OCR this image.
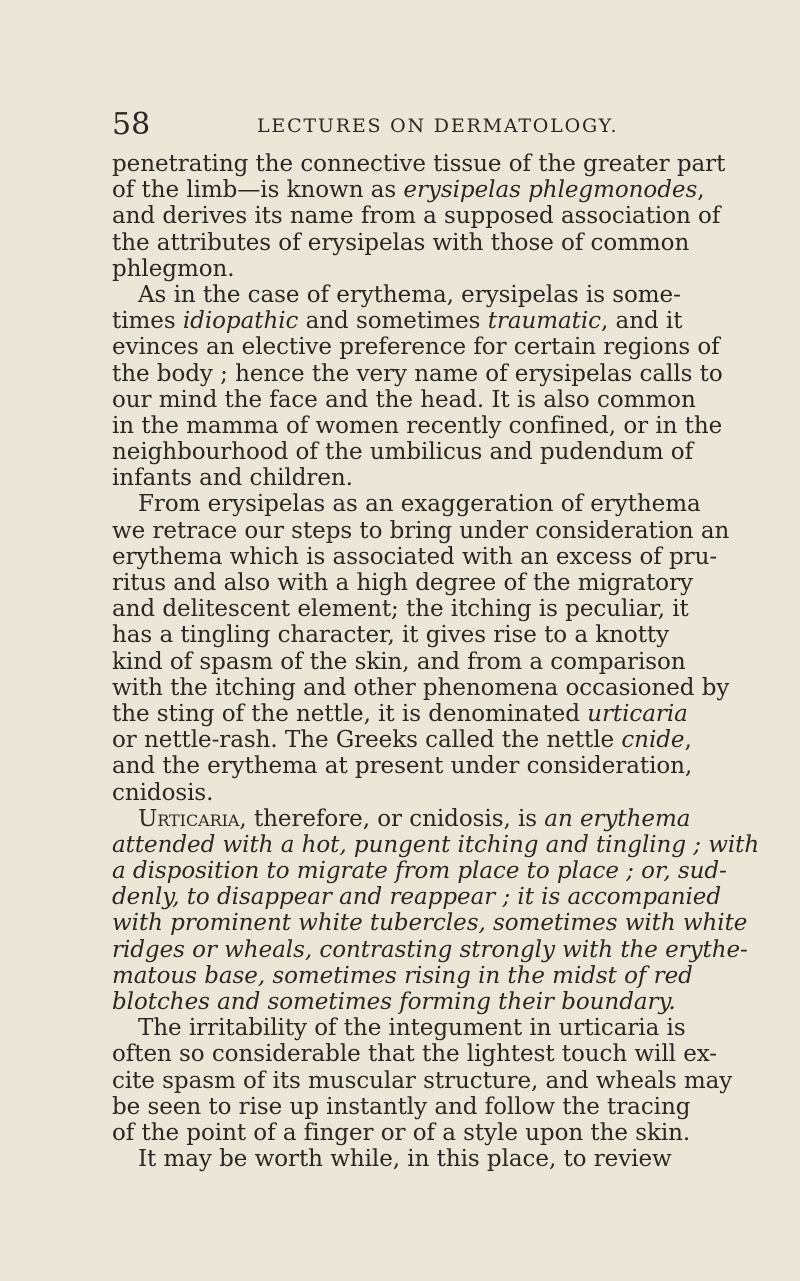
58	LECTURES ON DERMATOLOGY.
penetrating the connective tissue of the greater part
of the limb—is known as erysipelas phlegmonodes,
and derives its name from a supposed association of
the attributes of erysipelas with those of common
phlegmon.
As in the case of erythema, erysipelas is some-
times idiopathic and sometimes traumatic, and it
evinces an elective preference for certain regions of
the body ; hence the very name of erysipelas calls to
our mind the face and the head. It is also common
in the mamma of women recently confined, or in the
neighbourhood of the umbilicus and pudendum of
infants and children.
From erysipelas as an exaggeration of erythema
we retrace our steps to bring under consideration an
erythema which is associated with an excess of pru-
ritus and also with a high degree of the migratory
and delitescent element; the itching is peculiar, it
has a tingling character, it gives rise to a knotty
kind of spasm of the skin, and from a comparison
with the itching and other phenomena occasioned by
the sting of the nettle, it is denominated urticaria
or nettle-rash. The Greeks called the nettle cnide,
and the erythema at present under consideration,
cnidosis.
Urticaria, therefore, or cnidosis, is an erythema
attended with a hot, pungent itching and tingling ; with
a disposition to migrate from place to place ; or, sud-
denly, to disappear and reappear ; it is accompanied
with prominent white tubercles, sometimes with white
ridges or wheals, contrasting strongly with the erythe-
matous base, sometimes rising in the midst of red
blotches and sometimes forming their boundary.
The irritability of the integument in urticaria is
often so considerable that the lightest touch will ex-
cite spasm of its muscular structure, and wheals may
be seen to rise up instantly and follow the tracing
of the point of a finger or of a style upon the skin.
It may be worth while, in this place, to review
